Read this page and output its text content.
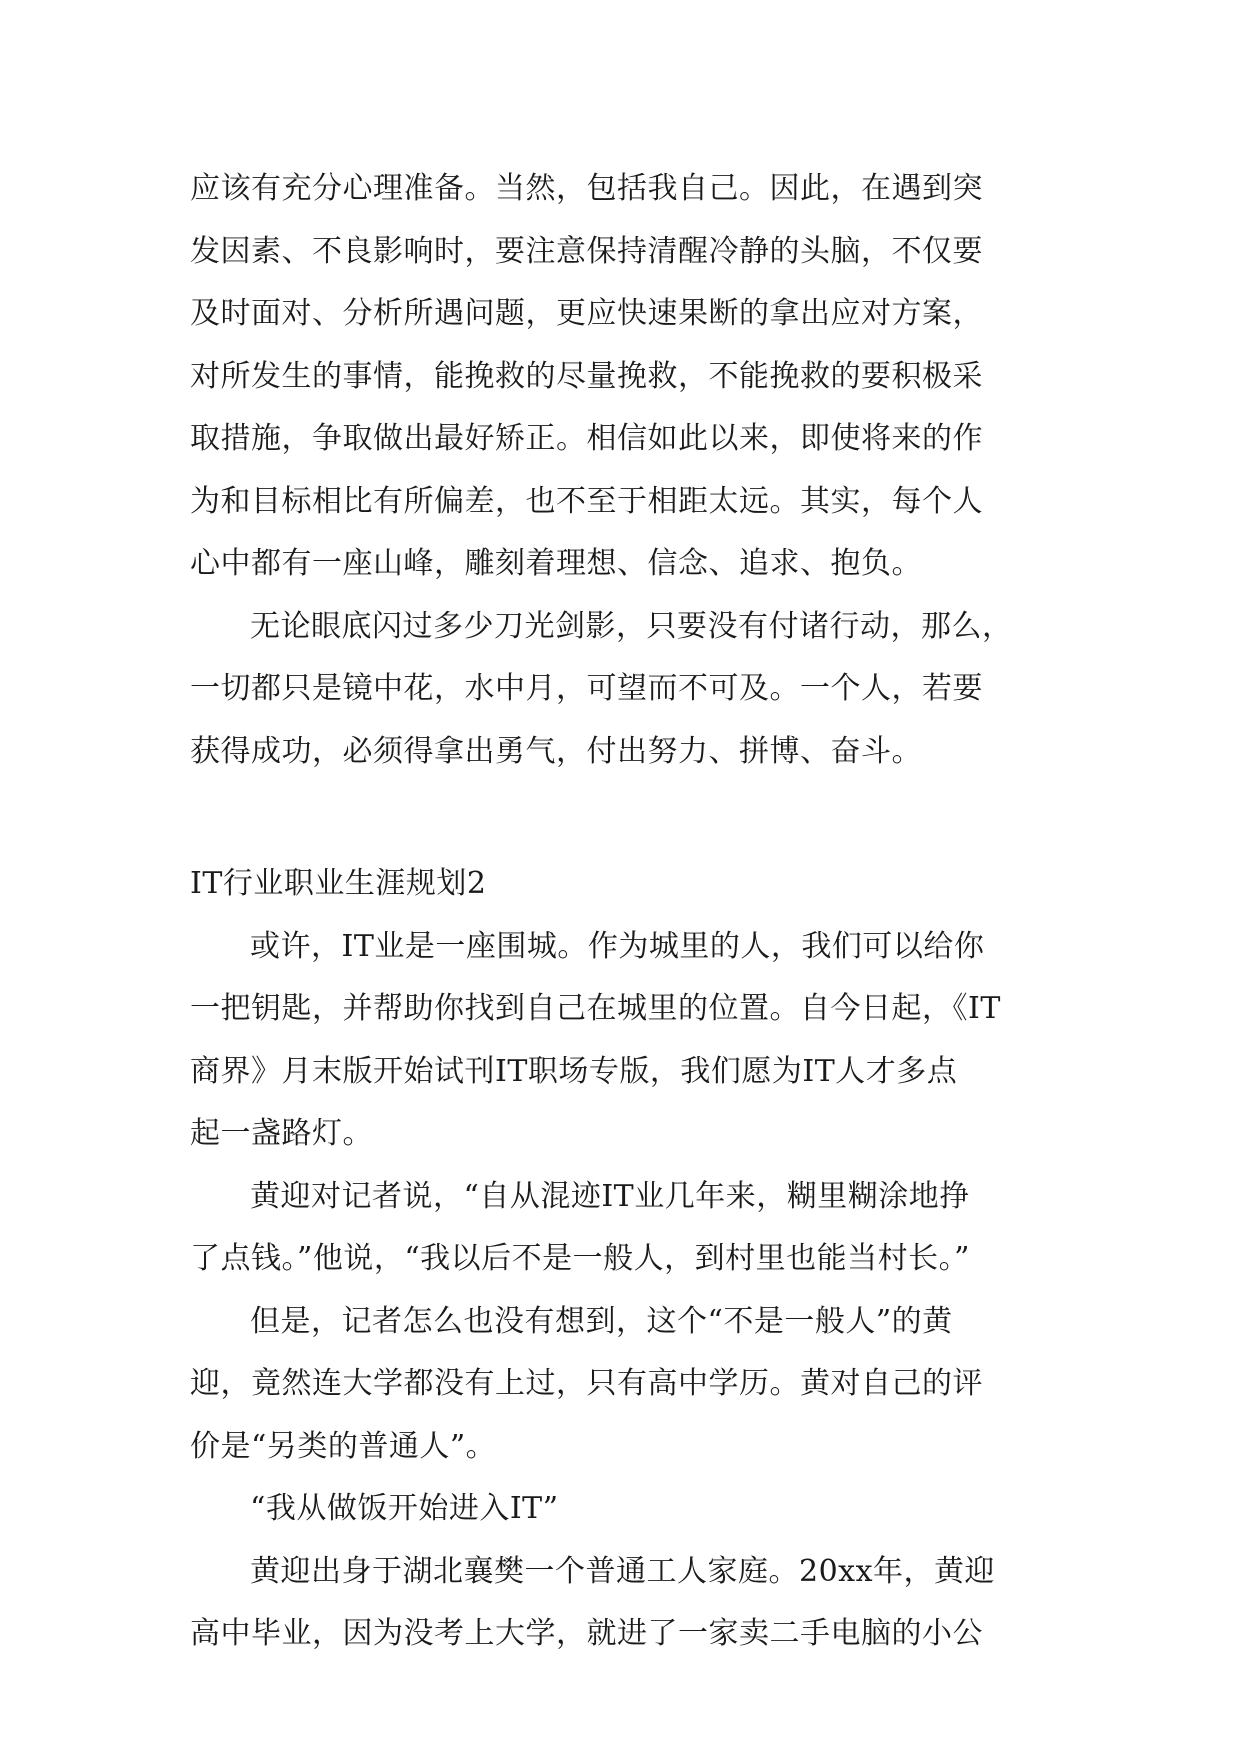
应该有充分心理准备。当然，包括我自己。因此，在遇到突
发因素、不良影响时，要注意保持清醒冷静的头脑，不仅要
及时面对、分析所遇问题，更应快速果断的拿出应对方案，
对所发生的事情，能挽救的尽量挽救，不能挽救的要积极采
取措施，争取做出最好矫正。相信如此以来，即使将来的作
为和目标相比有所偏差，也不至于相距太远。其实，每个人
心中都有一座山峰，雕刻着理想、信念、追求、抱负。
无论眼底闪过多少刀光剑影，只要没有付诸行动，那么，
一切都只是镜中花，水中月，可望而不可及。一个人，若要
获得成功，必须得拿出勇气，付出努力、拼博、奋斗。
IT行业职业生涯规划2
或许，IT业是一座围城。作为城里的人，我们可以给你
一把钥匙，并帮助你找到自己在城里的位置。自今日起，《IT
商界》月末版开始试刊IT职场专版，我们愿为IT人才多点
起一盏路灯。
黄迎对记者说，“自从混迹IT业几年来，糊里糊涂地挣
了点钱。”他说，“我以后不是一般人，到村里也能当村长。”
但是，记者怎么也没有想到，这个“不是一般人”的黄
迎，竟然连大学都没有上过，只有高中学历。黄对自己的评
价是“另类的普通人”。
“我从做饭开始进入IT”
黄迎出身于湖北襄樊一个普通工人家庭。20xx年，黄迎
高中毕业，因为没考上大学，就进了一家卖二手电脑的小公
